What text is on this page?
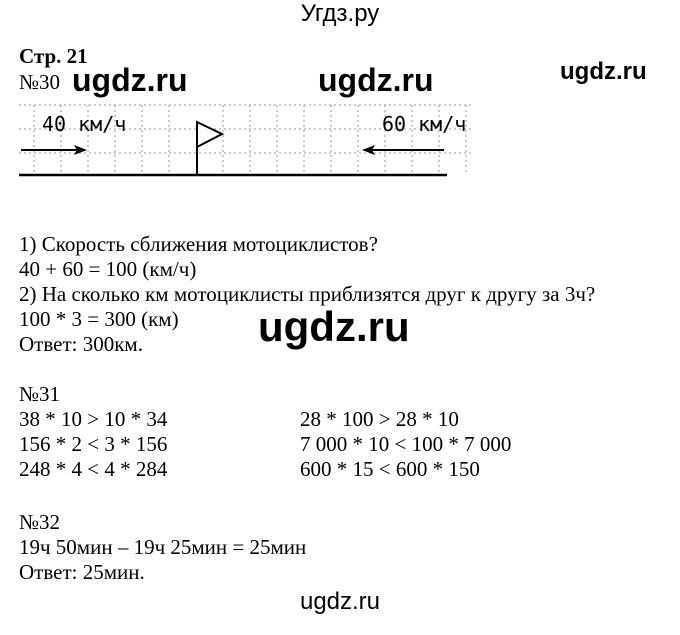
Угдз.ру
ugdz.ru
ugdz.ru	ugdz.ru
ugdz.ru
Стр. 21
№30
40 км/ч	60 км/ч
1) Скорость сближения мотоциклистов?
40 + 60 = 100 (км/ч)
2) На сколько км мотоциклисты приблизятся друг к другу за 3ч?
100 * 3 = 300 (км)
Ответ: 300км.
№31
38 * 10 > 10 * 34
156 * 2 < 3 * 156
248 * 4 < 4 * 284
28 * 100 > 28 * 10
7 000 * 10 < 100 * 7 000
600 * 15 < 600 * 150
№32
19ч 50мин – 19ч 25мин = 25мин
Ответ: 25мин.
ugdz.ru
